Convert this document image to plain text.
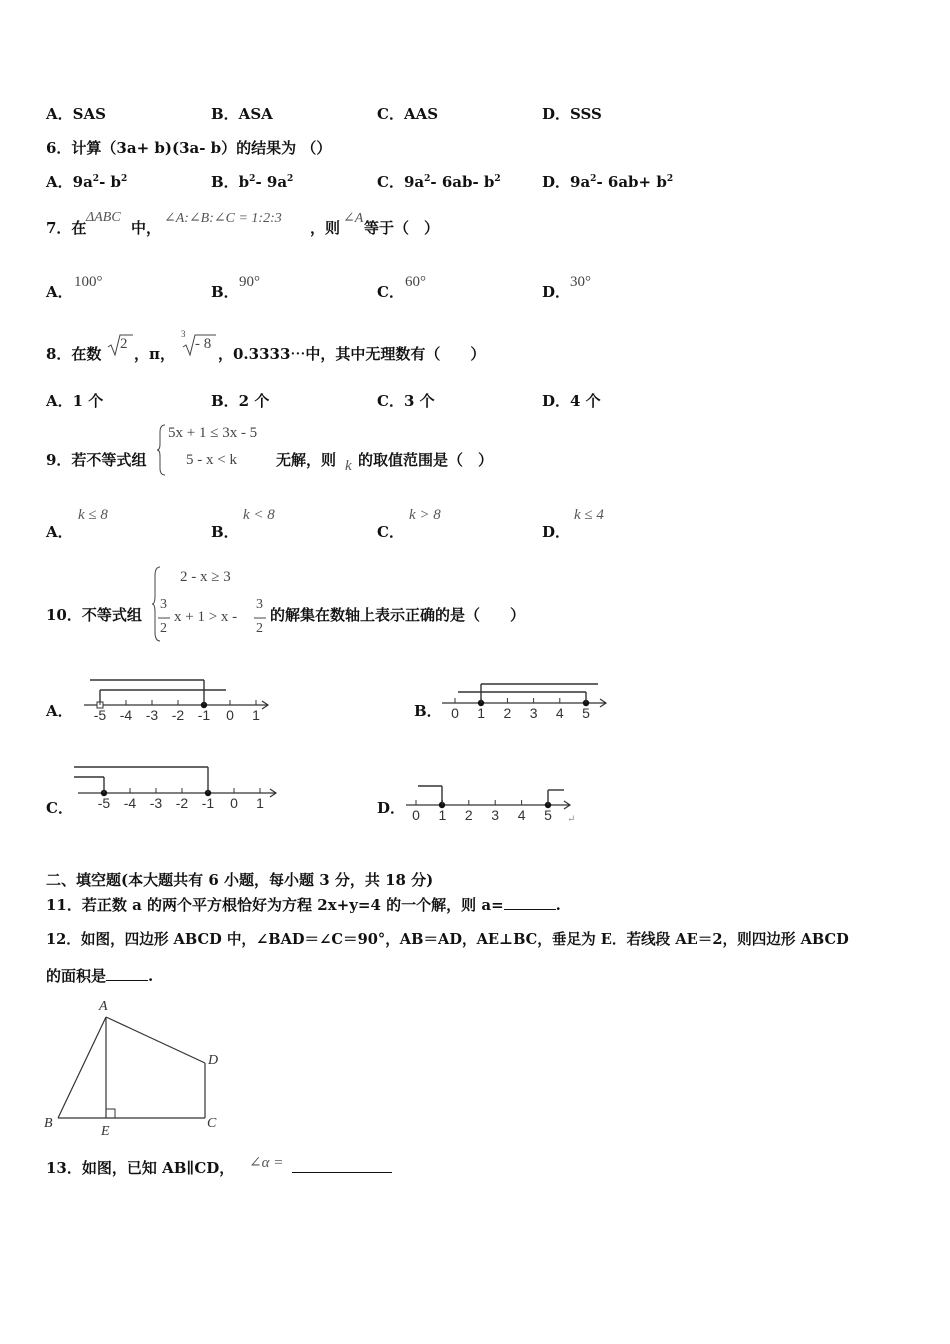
A．SAS	B．ASA	C．AAS	D．SSS
6．计算（3a+ b)(3a- b）的结果为 （）
A．$9a^2-$ $b^2$	B．$b^2-$ $9a^2$	C．$9a^2-$ 6ab- $b^2$	D．$9a^2-$ $6ab+ b^2$
7．在
ΔABC
中，
∠A:∠B:∠C = 1:2:3
，则
∠A
等于（　）
A．
100°
B．
90°
C．
60°
D．
30°
8．在数
2
，π，
3
- 8
，0.3333⋯中，其中无理数有（　　）
A．1 个	B．2 个	C．3 个	D．4 个
9．若不等式组
5x + 1 ≤ 3x - 5
5 - x < k	无解，则 k 的取值范围是（　）
A．
k ≤ 8
B．
k < 8
C．
k > 8
D．
k ≤ 4
10．不等式组
2 - x ≥ 3
3
2
x + 1 > x -
3
2
的解集在数轴上表示正确的是（　　）
A． -5 -4 -3 -2 -1 0 1	B． 0 1 2 3 4 5
C． -5 -4 -3 -2 -1 0 1	D．
↵
0 1 2 3 4 5
二、填空题(本大题共有 6 小题，每小题 3 分，共 18 分)
11．若正数 a 的两个平方根恰好为方程 2x+y=4 的一个解，则 a=	.
12．如图，四边形 ABCD 中，∠BAD＝∠C＝90°，AB＝AD，AE⊥BC，垂足为 E．若线段 AE＝2，则四边形 ABCD
的面积是	.
A
B	C
D
E
13．如图，已知 AB∥CD， ∠α =
